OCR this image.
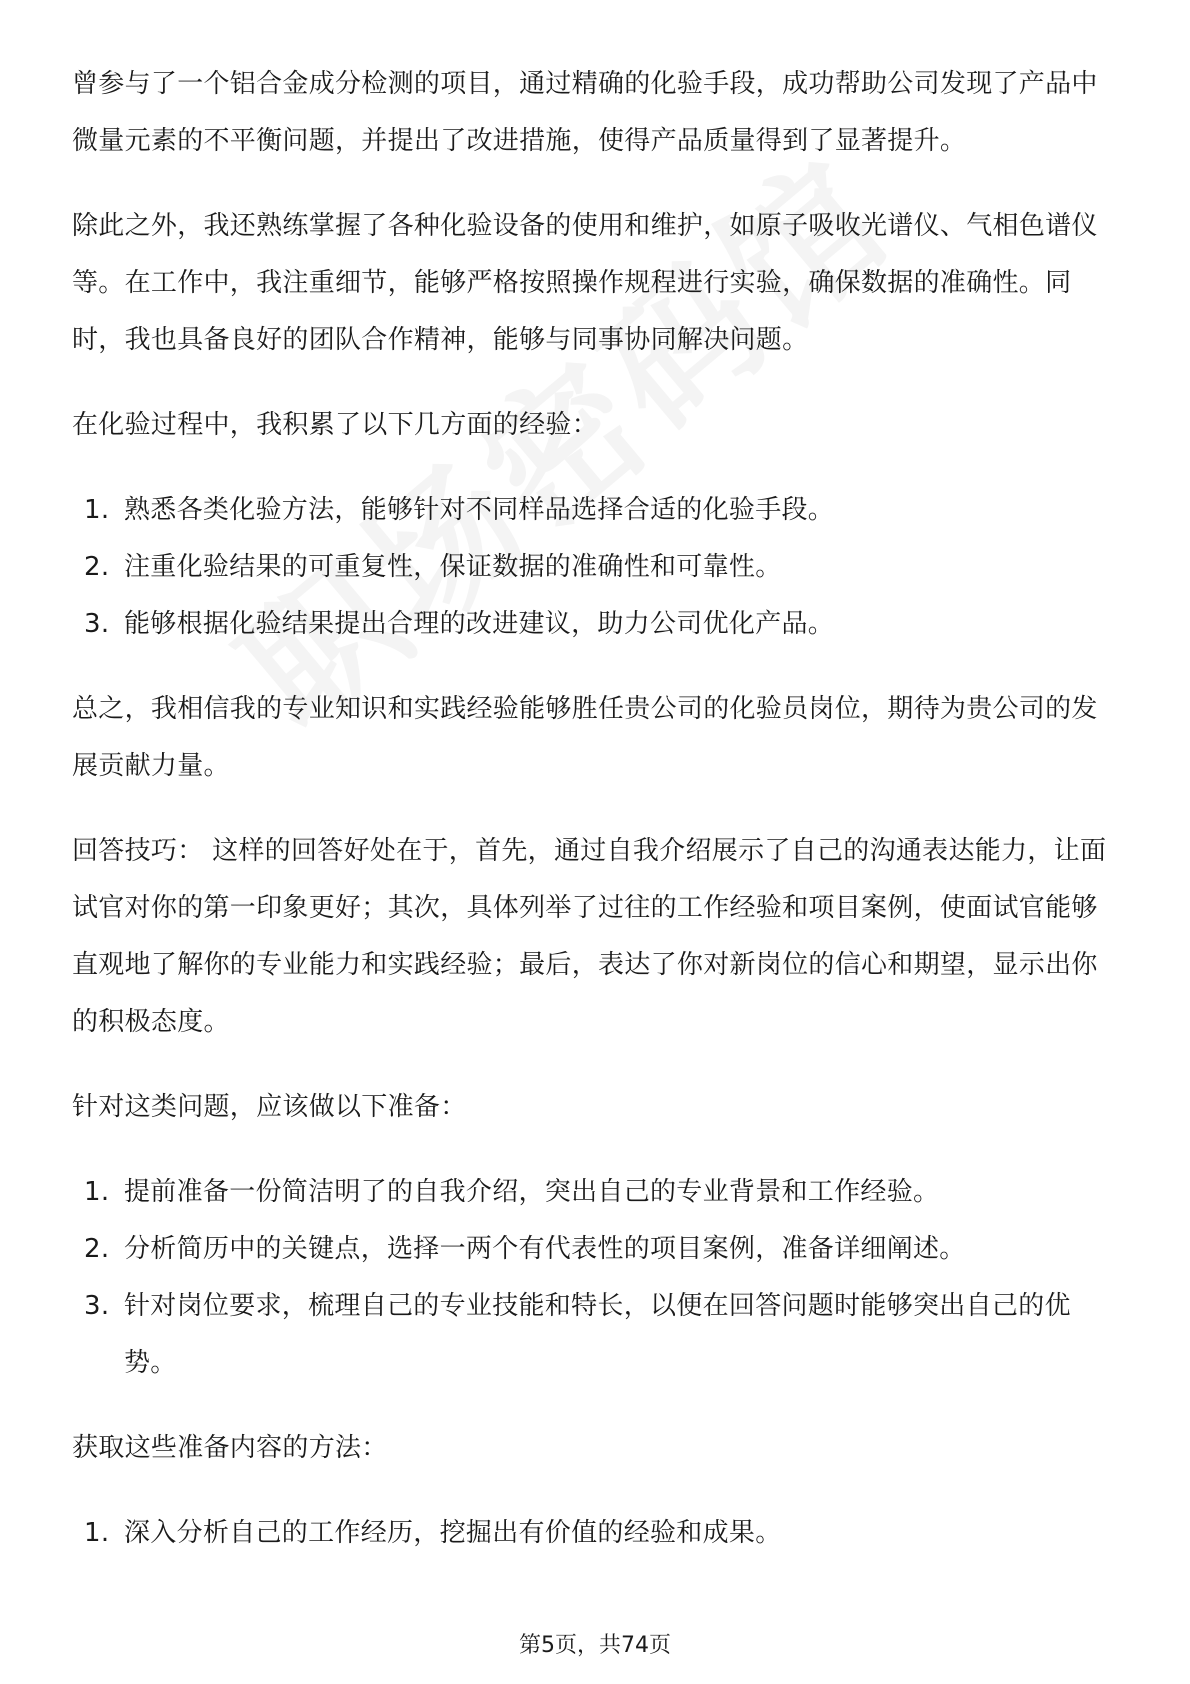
曾参与了一个铝合金成分检测的项目，通过精确的化验手段，成功帮助公司发现了产品中微量元素的不平衡问题，并提出了改进措施，使得产品质量得到了显著提升。

除此之外，我还熟练掌握了各种化验设备的使用和维护，如原子吸收光谱仪、气相色谱仪等。在工作中，我注重细节，能够严格按照操作规程进行实验，确保数据的准确性。同时，我也具备良好的团队合作精神，能够与同事协同解决问题。

在化验过程中，我积累了以下几方面的经验：

1. 熟悉各类化验方法，能够针对不同样品选择合适的化验手段。
2. 注重化验结果的可重复性，保证数据的准确性和可靠性。
3. 能够根据化验结果提出合理的改进建议，助力公司优化产品。

总之，我相信我的专业知识和实践经验能够胜任贵公司的化验员岗位，期待为贵公司的发展贡献力量。

回答技巧： 这样的回答好处在于，首先，通过自我介绍展示了自己的沟通表达能力，让面试官对你的第一印象更好；其次，具体列举了过往的工作经验和项目案例，使面试官能够直观地了解你的专业能力和实践经验；最后，表达了你对新岗位的信心和期望，显示出你的积极态度。

针对这类问题，应该做以下准备：

1. 提前准备一份简洁明了的自我介绍，突出自己的专业背景和工作经验。
2. 分析简历中的关键点，选择一两个有代表性的项目案例，准备详细阐述。
3. 针对岗位要求，梳理自己的专业技能和特长，以便在回答问题时能够突出自己的优势。

获取这些准备内容的方法：

1. 深入分析自己的工作经历，挖掘出有价值的经验和成果。
第5页，共74页
